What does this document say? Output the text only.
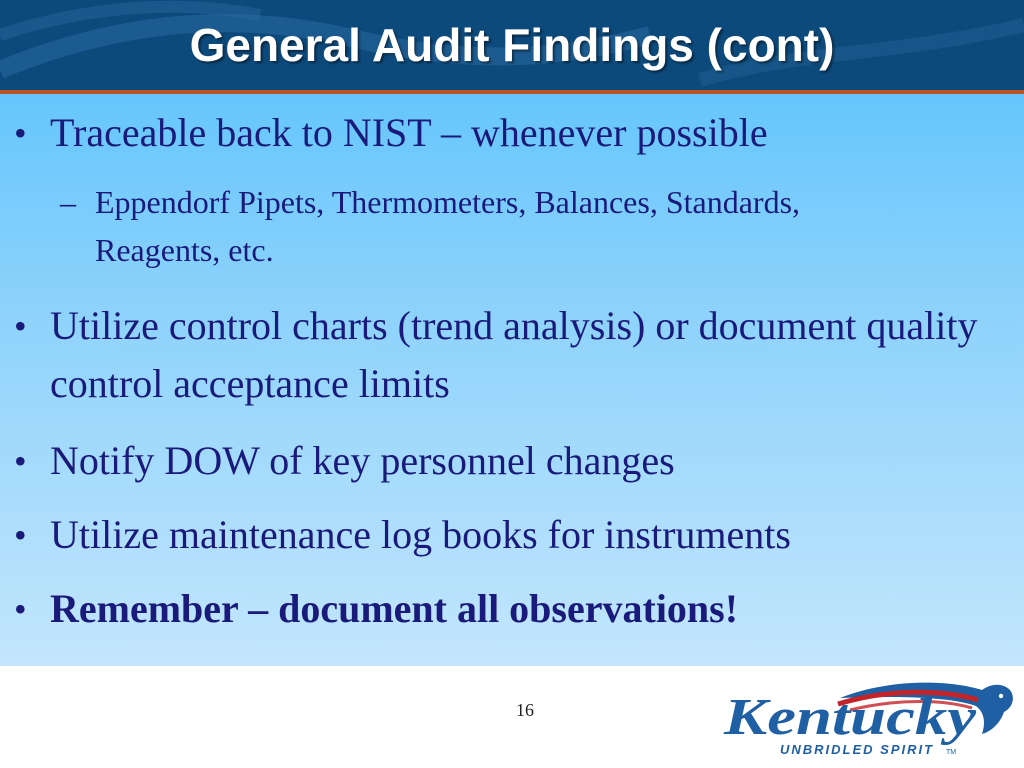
General Audit Findings (cont)
• Traceable back to NIST – whenever possible
– Eppendorf Pipets, Thermometers, Balances, Standards, Reagents, etc.
• Utilize control charts (trend analysis) or document quality control acceptance limits
• Notify DOW of key personnel changes
• Utilize maintenance log books for instruments
• Remember – document all observations!
16	Kentucky
UNBRIDLED SPIRIT TM
